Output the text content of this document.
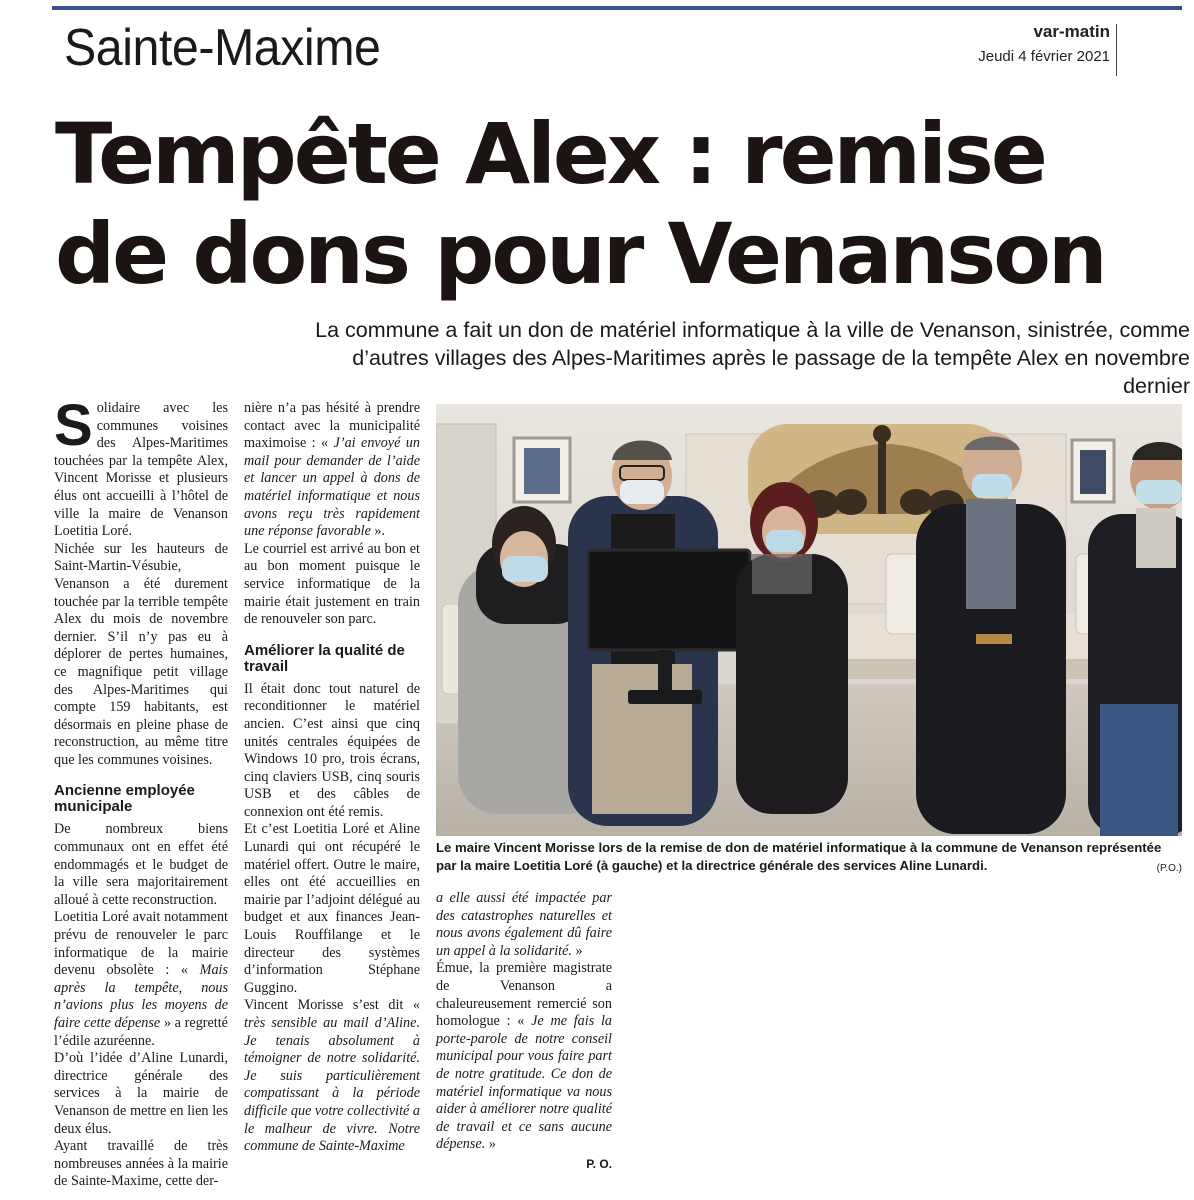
Sainte-Maxime	var-matin
Jeudi 4 février 2021
Tempête Alex : remise
de dons pour Venanson
La commune a fait un don de matériel informatique à la ville de Venanson, sinistrée, comme d’autres villages des Alpes-Maritimes après le passage de la tempête Alex en novembre dernier

Solidaire avec les communes voisines des Alpes-Maritimes touchées par la tempête Alex, Vincent Morisse et plusieurs élus ont accueilli à l’hôtel de ville la maire de Venanson Loetitia Loré.

Nichée sur les hauteurs de Saint-Martin-Vésubie, Venanson a été durement touchée par la terrible tempête Alex du mois de novembre dernier. S’il n’y pas eu à déplorer de pertes humaines, ce magnifique petit village des Alpes-Maritimes qui compte 159 habitants, est désormais en pleine phase de reconstruction, au même titre que les communes voisines.

Ancienne employée municipale

De nombreux biens communaux ont en effet été endommagés et le budget de la ville sera majoritairement alloué à cette reconstruction.

Loetitia Loré avait notamment prévu de renouveler le parc informatique de la mairie devenu obsolète : « Mais après la tempête, nous n’avions plus les moyens de faire cette dépense » a regretté l’édile azuréenne.

D’où l’idée d’Aline Lunardi, directrice générale des services à la mairie de Venanson de mettre en lien les deux élus.

Ayant travaillé de très nombreuses années à la mairie de Sainte-Maxime, cette der-

nière n’a pas hésité à prendre contact avec la municipalité maximoise : « J’ai envoyé un mail pour demander de l’aide et lancer un appel à dons de matériel informatique et nous avons reçu très rapidement une réponse favorable ».

Le courriel est arrivé au bon et au bon moment puisque le service informatique de la mairie était justement en train de renouveler son parc.

Améliorer la qualité de travail

Il était donc tout naturel de reconditionner le matériel ancien. C’est ainsi que cinq unités centrales équipées de Windows 10 pro, trois écrans, cinq claviers USB, cinq souris USB et des câbles de connexion ont été remis.

Et c’est Loetitia Loré et Aline Lunardi qui ont récupéré le matériel offert. Outre le maire, elles ont été accueillies en mairie par l’adjoint délégué au budget et aux finances Jean-Louis Rouffilange et le directeur des systèmes d’information Stéphane Guggino.

Vincent Morisse s’est dit « très sensible au mail d’Aline. Je tenais absolument à témoigner de notre solidarité. Je suis particulièrement compatissant à la période difficile que votre collectivité a le malheur de vivre. Notre commune de Sainte-Maxime

Le maire Vincent Morisse lors de la remise de don de matériel informatique à la commune de Venanson représentée par la maire Loetitia Loré (à gauche) et la directrice générale des services Aline Lunardi.	(P.O.)

a elle aussi été impactée par des catastrophes naturelles et nous avons également dû faire un appel à la solidarité. »

Émue, la première magistrate de Venanson a chaleureusement remercié son homologue : « Je me fais la porte-parole de notre conseil municipal pour vous faire part de notre gratitude. Ce don de matériel informatique va nous aider à améliorer notre qualité de travail et ce sans aucune dépense. »

P. O.
